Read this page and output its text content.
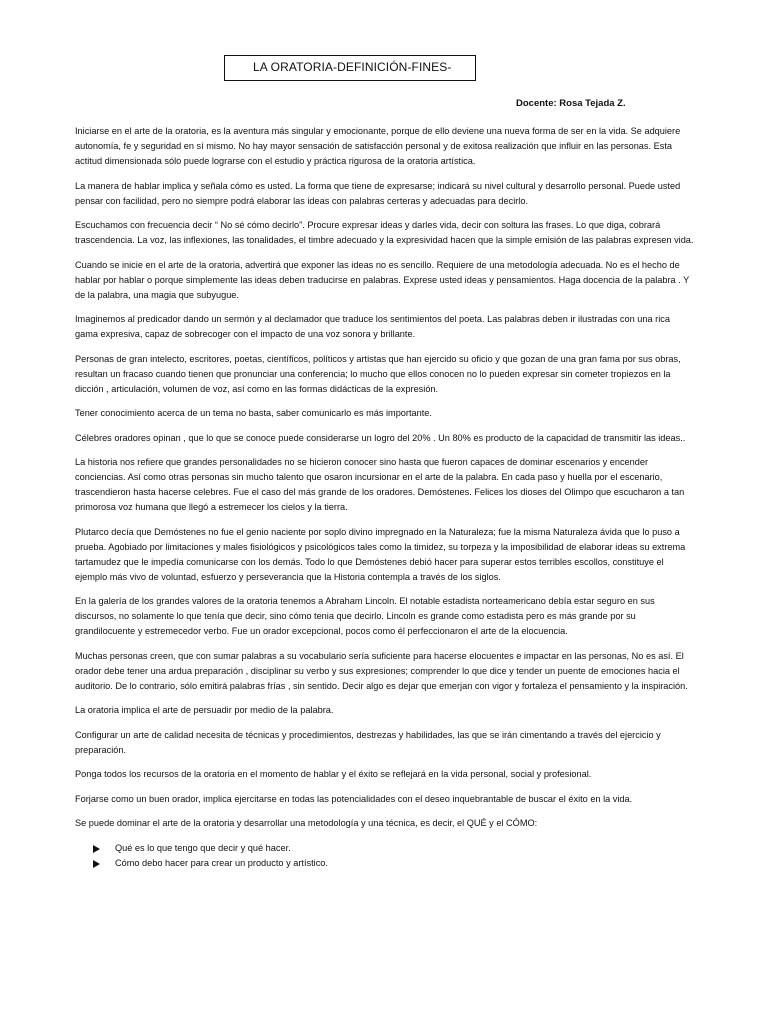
LA ORATORIA-DEFINICIÓN-FINES-
Docente: Rosa Tejada Z.

Iniciarse en el arte de la oratoria, es la aventura más singular y emocionante, porque de ello deviene una nueva forma de ser en la vida. Se adquiere autonomía, fe y seguridad en sí mismo. No hay mayor sensación de satisfacción personal y de exitosa realización que influir en las personas. Esta actitud dimensionada sólo puede lograrse con el estudio y práctica rigurosa de la oratoria artística.

La manera de hablar implica y señala cómo es usted. La forma que tiene de expresarse; indicará su nivel cultural y desarrollo personal. Puede usted pensar con facilidad, pero no siempre podrá elaborar las ideas con palabras certeras y adecuadas para decirlo.

Escuchamos con frecuencia decir “ No sé cómo decirlo”. Procure expresar ideas y darles vida, decir con soltura las frases. Lo que diga, cobrará trascendencia. La voz, las inflexiones, las tonalidades, el timbre adecuado y la expresividad hacen que la simple emisión de las palabras expresen vida.

Cuando se inicie en el arte de la oratoria, advertirá que exponer las ideas no es sencillo. Requiere de una metodología adecuada. No es el hecho de hablar por hablar o porque simplemente las ideas deben traducirse en palabras. Exprese usted ideas y pensamientos. Haga docencia de la palabra . Y de la palabra, una magia que subyugue.

Imaginemos al predicador dando un sermón y al declamador que traduce los sentimientos del poeta. Las palabras deben ir ilustradas con una rica gama expresiva, capaz de sobrecoger con el impacto de una voz sonora y brillante.

Personas de gran intelecto, escritores, poetas, científicos, políticos y artistas que han ejercido su oficio y que gozan de una gran fama por sus obras, resultan un fracaso cuando tienen que pronunciar una conferencia; lo mucho que ellos conocen no lo pueden expresar sin cometer tropiezos en la dicción , articulación, volumen de voz, así como en las formas didácticas de la expresión.

Tener conocimiento acerca de un tema no basta, saber comunicarlo es más importante.

Célebres oradores opinan , que lo que se conoce puede considerarse un logro del 20% . Un 80% es producto de la capacidad de transmitir las ideas..

La historia nos refiere que grandes personalidades no se hicieron conocer sino hasta que fueron capaces de dominar escenarios y encender conciencias. Así como otras personas sin mucho talento que osaron incursionar en el arte de la palabra. En cada paso y huella por el escenario, trascendieron hasta hacerse celebres. Fue el caso del más grande de los oradores. Demóstenes. Felices los dioses del Olimpo que escucharon a tan primorosa voz humana que llegó a estremecer los cielos y la tierra.

Plutarco decía que Demóstenes no fue el genio naciente por soplo divino impregnado en la Naturaleza; fue la misma Naturaleza ávida que lo puso a prueba. Agobiado por limitaciones y males fisiológicos y psicológicos tales como la timidez, su torpeza y la imposibilidad de elaborar ideas su extrema tartamudez que le impedía comunicarse con los demás. Todo lo que Demóstenes debió hacer para superar estos terribles escollos, constituye el ejemplo más vivo de voluntad, esfuerzo y perseverancia que la Historia contempla a través de los siglos.

En la galería de los grandes valores de la oratoria tenemos a Abraham Lincoln. El notable estadista norteamericano debía estar seguro en sus discursos, no solamente lo que tenía que decir, sino cómo tenia que decirlo. Lincoln es grande como estadista pero es más grande por su grandilocuente y estremecedor verbo. Fue un orador excepcional, pocos como él perfeccionaron el arte de la elocuencia.

Muchas personas creen, que con sumar palabras a su vocabulario sería suficiente para hacerse elocuentes e impactar en las personas, No es así. El orador debe tener una ardua preparación , disciplinar su verbo y sus expresiones; comprender lo que dice y tender un puente de emociones hacia el auditorio. De lo contrario, sólo emitirá palabras frías , sin sentido. Decir algo es dejar que emerjan con vigor y fortaleza el pensamiento y la inspiración.

La oratoria implica el arte de persuadir por medio de la palabra.

Configurar un arte de calidad necesita de técnicas y procedimientos, destrezas y habilidades, las que se irán cimentando a través del ejercicio y preparación.

Ponga todos los recursos de la oratoria en el momento de hablar y el éxito se reflejará en la vida personal, social y profesional.

Forjarse como un buen orador, implica ejercitarse en todas las potencialidades con el deseo inquebrantable de buscar el éxito en la vida.

Se puede dominar el arte de la oratoria y desarrollar una metodología y una técnica, es decir, el QUÉ y el CÓMO:

Qué es lo que tengo que decir y qué hacer.
Cómo debo hacer para crear un producto y artístico.
